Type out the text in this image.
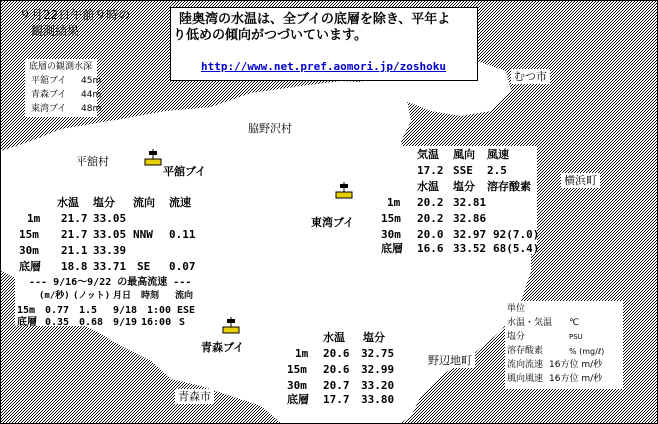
９月22日午前９時の
観測結果
陸奥湾の水温は、全ブイの底層を除き、平年よ
り低めの傾向がつづいています。
http://www.net.pref.aomori.jp/zoshoku
底層の観測水深
平舘ブイ 45m
青森ブイ 44m
東湾ブイ 48m
むつ市
脇野沢村
平舘村
横浜町
野辺地町
青森市
平舘ブイ
東湾ブイ
青森ブイ
水温 塩分 流向 流速
1m 21.7 33.05
15m 21.7 33.05 NNW 0.11
30m 21.1 33.39
底層 18.8 33.71 SE 0.07
--- 9/16～9/22 の最高流速 ---
(m/秒) (ノット) 月日 時刻 流向
15m 0.77 1.5 9/18 1:00 ESE
底層 0.35 0.68 9/19 16:00 S
気温 風向 風速
17.2 SSE 2.5
水温 塩分 溶存酸素
1m 20.2 32.81
15m 20.2 32.86
30m 20.0 32.97 92(7.0)
底層 16.6 33.52 68(5.4)
水温 塩分
1m 20.6 32.75
15m 20.6 32.99
30m 20.7 33.20
底層 17.7 33.80
単位
水温・気温 ℃
塩分	PSU
溶存酸素	% (mg/ℓ)
流向流速 16方位 m/秒
風向風速 16方位 m/秒
